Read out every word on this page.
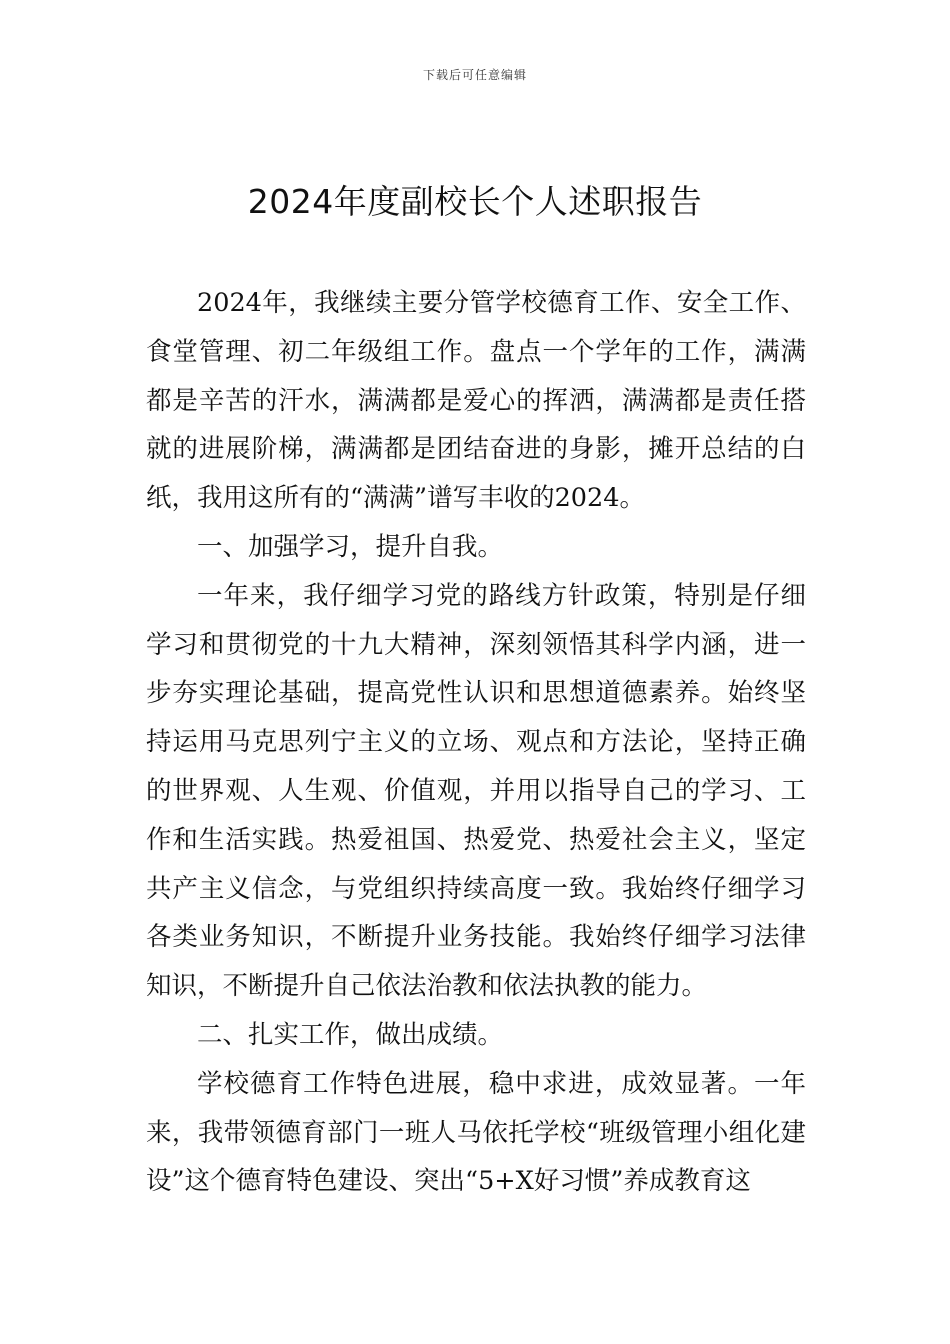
下载后可任意编辑
2024年度副校长个人述职报告

2024年，我继续主要分管学校德育工作、安全工作、食堂管理、初二年级组工作。盘点一个学年的工作，满满都是辛苦的汗水，满满都是爱心的挥洒，满满都是责任搭就的进展阶梯，满满都是团结奋进的身影，摊开总结的白纸，我用这所有的“满满”谱写丰收的2024。

一、加强学习，提升自我。

一年来，我仔细学习党的路线方针政策，特别是仔细学习和贯彻党的十九大精神，深刻领悟其科学内涵，进一步夯实理论基础，提高党性认识和思想道德素养。始终坚持运用马克思列宁主义的立场、观点和方法论，坚持正确的世界观、人生观、价值观，并用以指导自己的学习、工作和生活实践。热爱祖国、热爱党、热爱社会主义，坚定共产主义信念，与党组织持续高度一致。我始终仔细学习各类业务知识，不断提升业务技能。我始终仔细学习法律知识，不断提升自己依法治教和依法执教的能力。

二、扎实工作，做出成绩。

学校德育工作特色进展，稳中求进，成效显著。一年来，我带领德育部门一班人马依托学校“班级管理小组化建设”这个德育特色建设、突出“5+X好习惯”养成教育这
